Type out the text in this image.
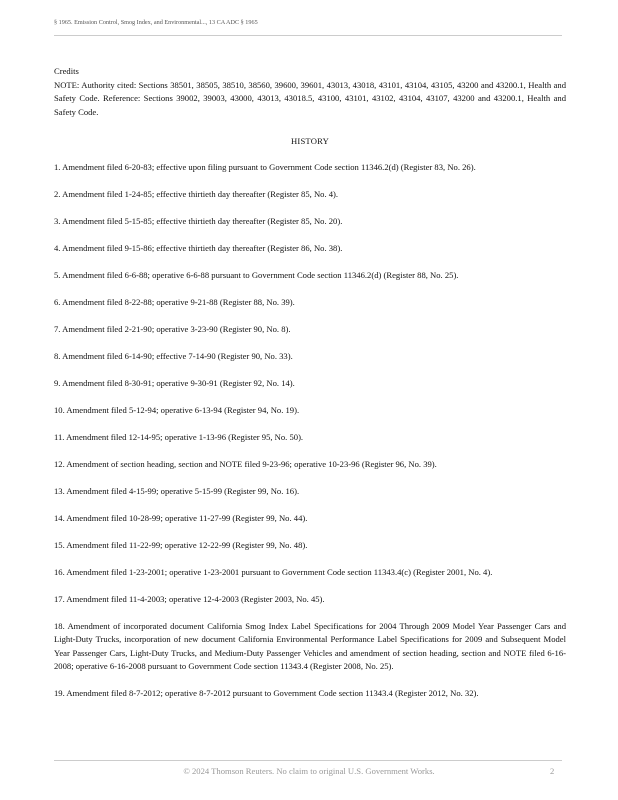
§ 1965. Emission Control, Smog Index, and Environmental..., 13 CA ADC § 1965

Credits

NOTE: Authority cited: Sections 38501, 38505, 38510, 38560, 39600, 39601, 43013, 43018, 43101, 43104, 43105, 43200 and 43200.1, Health and Safety Code. Reference: Sections 39002, 39003, 43000, 43013, 43018.5, 43100, 43101, 43102, 43104, 43107, 43200 and 43200.1, Health and Safety Code.

HISTORY
1. Amendment filed 6-20-83; effective upon filing pursuant to Government Code section 11346.2(d) (Register 83, No. 26).
2. Amendment filed 1-24-85; effective thirtieth day thereafter (Register 85, No. 4).
3. Amendment filed 5-15-85; effective thirtieth day thereafter (Register 85, No. 20).
4. Amendment filed 9-15-86; effective thirtieth day thereafter (Register 86, No. 38).
5. Amendment filed 6-6-88; operative 6-6-88 pursuant to Government Code section 11346.2(d) (Register 88, No. 25).
6. Amendment filed 8-22-88; operative 9-21-88 (Register 88, No. 39).
7. Amendment filed 2-21-90; operative 3-23-90 (Register 90, No. 8).
8. Amendment filed 6-14-90; effective 7-14-90 (Register 90, No. 33).
9. Amendment filed 8-30-91; operative 9-30-91 (Register 92, No. 14).
10. Amendment filed 5-12-94; operative 6-13-94 (Register 94, No. 19).
11. Amendment filed 12-14-95; operative 1-13-96 (Register 95, No. 50).
12. Amendment of section heading, section and NOTE filed 9-23-96; operative 10-23-96 (Register 96, No. 39).
13. Amendment filed 4-15-99; operative 5-15-99 (Register 99, No. 16).
14. Amendment filed 10-28-99; operative 11-27-99 (Register 99, No. 44).
15. Amendment filed 11-22-99; operative 12-22-99 (Register 99, No. 48).
16. Amendment filed 1-23-2001; operative 1-23-2001 pursuant to Government Code section 11343.4(c) (Register 2001, No. 4).
17. Amendment filed 11-4-2003; operative 12-4-2003 (Register 2003, No. 45).
18. Amendment of incorporated document California Smog Index Label Specifications for 2004 Through 2009 Model Year Passenger Cars and Light-Duty Trucks, incorporation of new document California Environmental Performance Label Specifications for 2009 and Subsequent Model Year Passenger Cars, Light-Duty Trucks, and Medium-Duty Passenger Vehicles and amendment of section heading, section and NOTE filed 6-16-2008; operative 6-16-2008 pursuant to Government Code section 11343.4 (Register 2008, No. 25).
19. Amendment filed 8-7-2012; operative 8-7-2012 pursuant to Government Code section 11343.4 (Register 2012, No. 32).
© 2024 Thomson Reuters. No claim to original U.S. Government Works.	2
